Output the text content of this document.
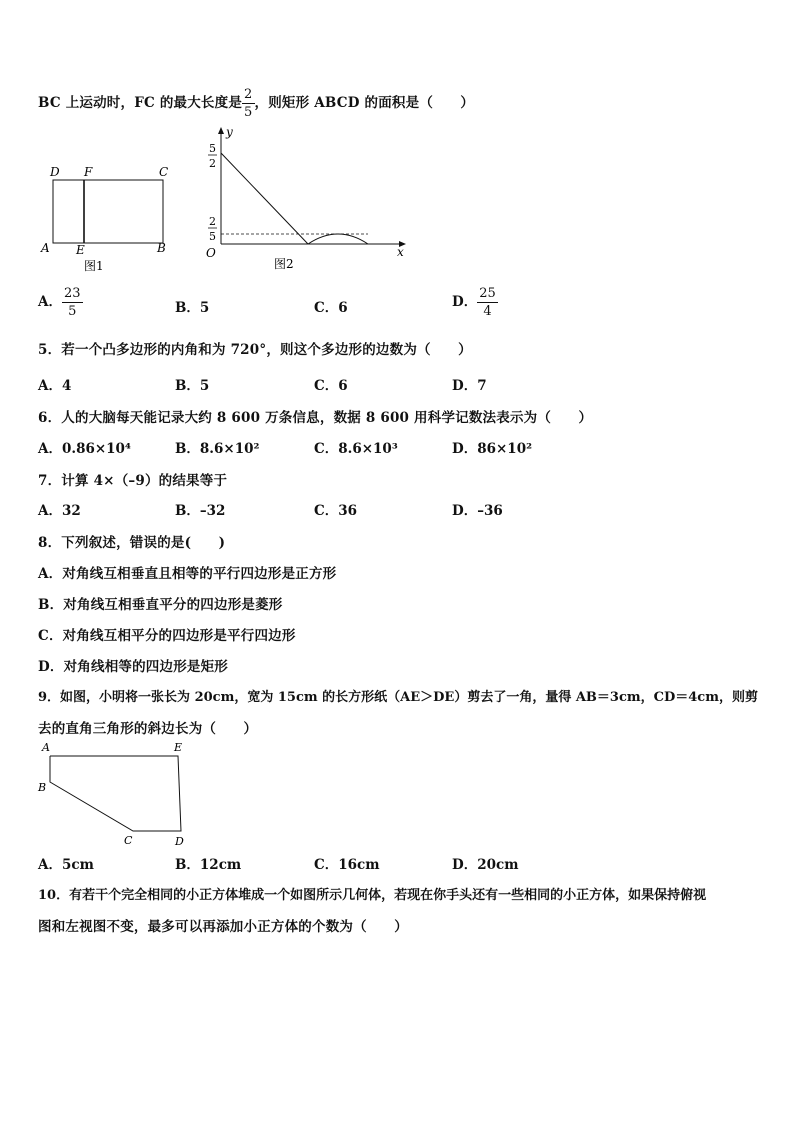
BC 上运动时，FC 的最大长度是 $\frac{2}{5}$ ，则矩形 ABCD 的面积是（　　）
D F	C
A E	B
图1
y
x
O
5
2
2
5
图2
A． $\frac{23}{5}$	B．5	C．6	D． $\frac{25}{4}$
5．若一个凸多边形的内角和为 720°，则这个多边形的边数为（　　）
A．4	B．5	C．6	D．7
6．人的大脑每天能记录大约 8 600 万条信息，数据 8 600 用科学记数法表示为（　　）
A．0.86×10⁴	B．8.6×10²	C．8.6×10³	D．86×10²
7．计算 4×（–9）的结果等于
A．32	B．–32	C．36	D．–36
8．下列叙述，错误的是(　　)
A．对角线互相垂直且相等的平行四边形是正方形
B．对角线互相垂直平分的四边形是菱形
C．对角线互相平分的四边形是平行四边形
D．对角线相等的四边形是矩形
9．如图，小明将一张长为 20cm，宽为 15cm 的长方形纸（AE＞DE）剪去了一角，量得 AB＝3cm，CD＝4cm，则剪
去的直角三角形的斜边长为（　　）
A	E
B
C	D
A．5cm	B．12cm	C．16cm	D．20cm
10．有若干个完全相同的小正方体堆成一个如图所示几何体，若现在你手头还有一些相同的小正方体，如果保持俯视
图和左视图不变，最多可以再添加小正方体的个数为（　　）
